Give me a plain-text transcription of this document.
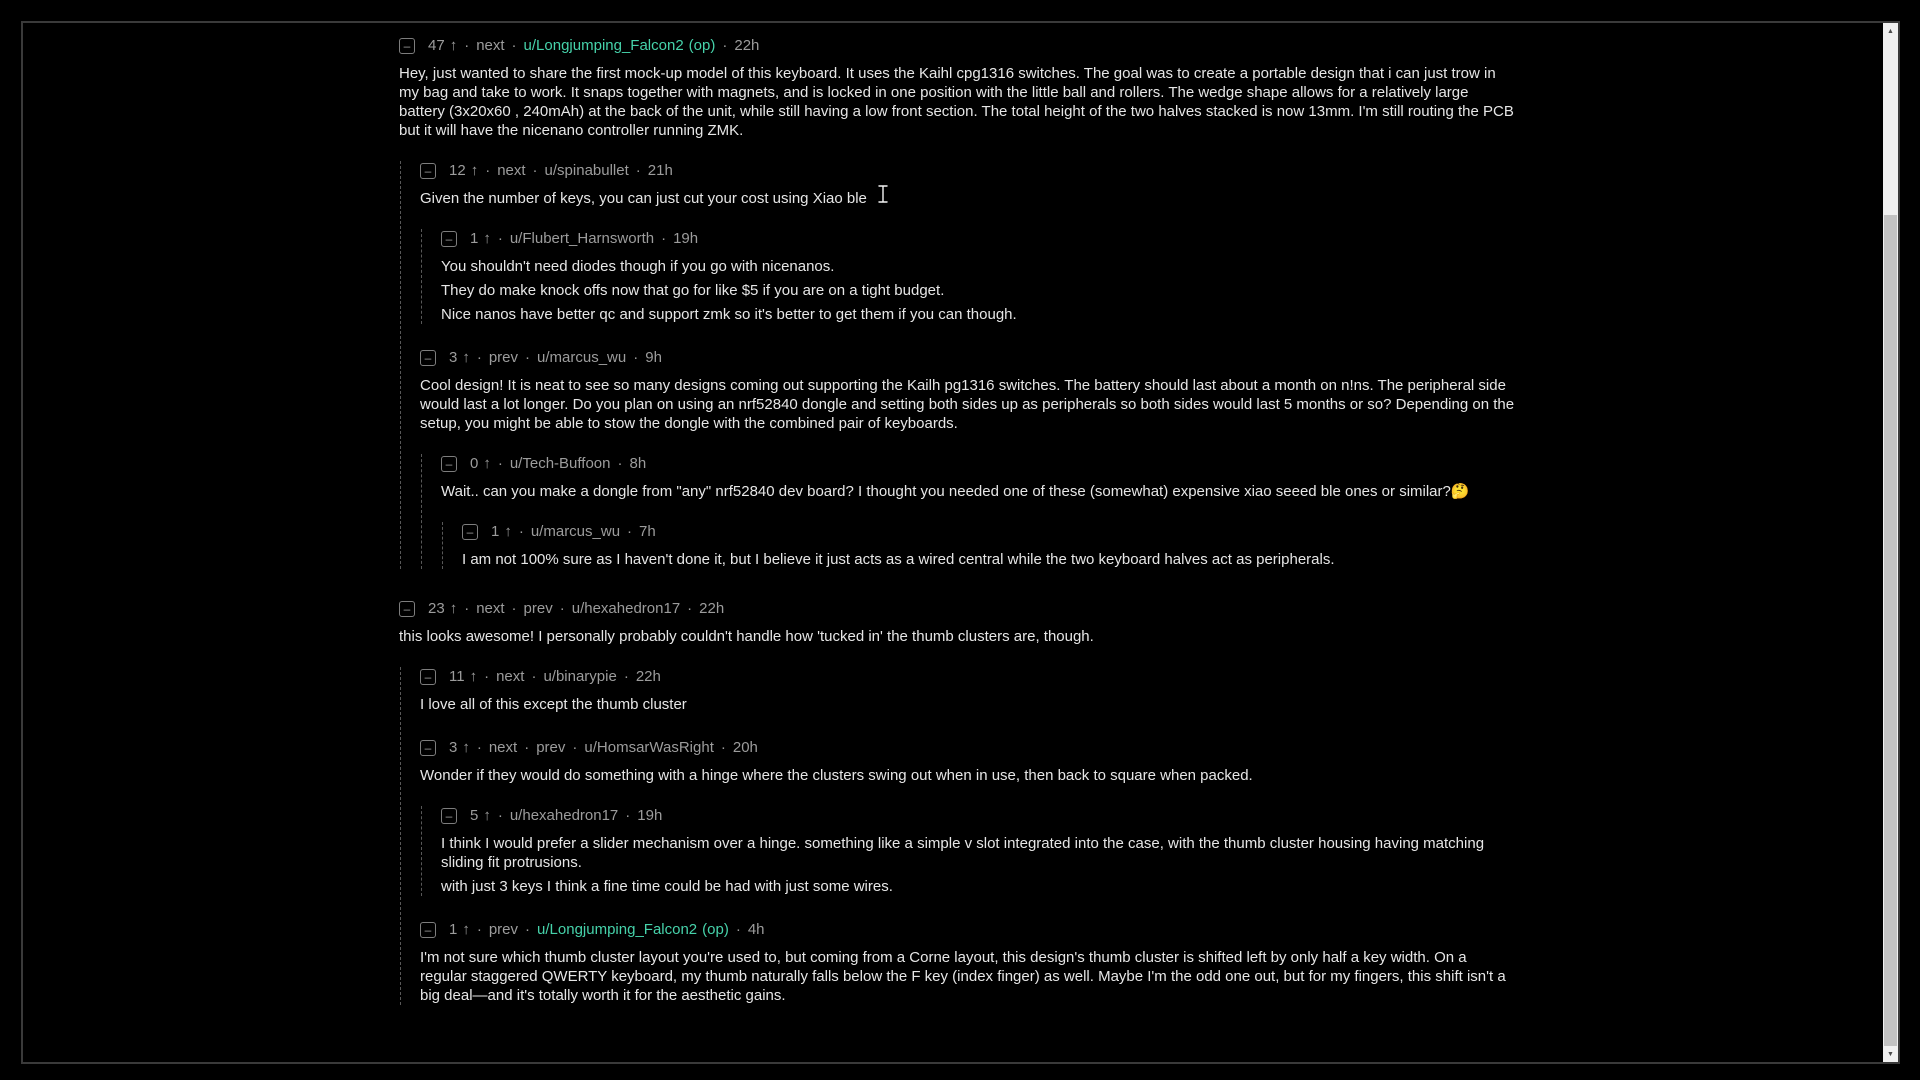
–	47 ↑ · next · u/Longjumping_Falcon2 (op) · 22h

Hey, just wanted to share the first mock-up model of this keyboard. It uses the Kaihl cpg1316 switches. The goal was to create a portable design that i can just trow in my bag and take to work. It snaps together with magnets, and is locked in one position with the little ball and rollers. The wedge shape allows for a relatively large battery (3x20x60 , 240mAh) at the back of the unit, while still having a low front section. The total height of the two halves stacked is now 13mm. I'm still routing the PCB but it will have the nicenano controller running ZMK.

–	12 ↑ · next · u/spinabullet · 21h

Given the number of keys, you can just cut your cost using Xiao ble

–	1 ↑ · u/Flubert_Harnsworth · 19h

You shouldn't need diodes though if you go with nicenanos.

They do make knock offs now that go for like $5 if you are on a tight budget.

Nice nanos have better qc and support zmk so it's better to get them if you can though.

–	3 ↑ · prev · u/marcus_wu · 9h

Cool design! It is neat to see so many designs coming out supporting the Kailh pg1316 switches. The battery should last about a month on n!ns. The peripheral side would last a lot longer. Do you plan on using an nrf52840 dongle and setting both sides up as peripherals so both sides would last 5 months or so? Depending on the setup, you might be able to stow the dongle with the combined pair of keyboards.

–	0 ↑ · u/Tech-Buffoon · 8h

Wait.. can you make a dongle from "any" nrf52840 dev board? I thought you needed one of these (somewhat) expensive xiao seeed ble ones or similar?🤔

–	1 ↑ · u/marcus_wu · 7h

I am not 100% sure as I haven't done it, but I believe it just acts as a wired central while the two keyboard halves act as peripherals.

–	23 ↑ · next · prev · u/hexahedron17 · 22h

this looks awesome! I personally probably couldn't handle how 'tucked in' the thumb clusters are, though.

–	11 ↑ · next · u/binarypie · 22h

I love all of this except the thumb cluster

–	3 ↑ · next · prev · u/HomsarWasRight · 20h

Wonder if they would do something with a hinge where the clusters swing out when in use, then back to square when packed.

–	5 ↑ · u/hexahedron17 · 19h

I think I would prefer a slider mechanism over a hinge. something like a simple v slot integrated into the case, with the thumb cluster housing having matching sliding fit protrusions.

with just 3 keys I think a fine time could be had with just some wires.

–	1 ↑ · prev · u/Longjumping_Falcon2 (op) · 4h

I'm not sure which thumb cluster layout you're used to, but coming from a Corne layout, this design's thumb cluster is shifted left by only half a key width. On a regular staggered QWERTY keyboard, my thumb naturally falls below the F key (index finger) as well. Maybe I'm the odd one out, but for my fingers, this shift isn't a big deal—and it's totally worth it for the aesthetic gains.

▲
▼
